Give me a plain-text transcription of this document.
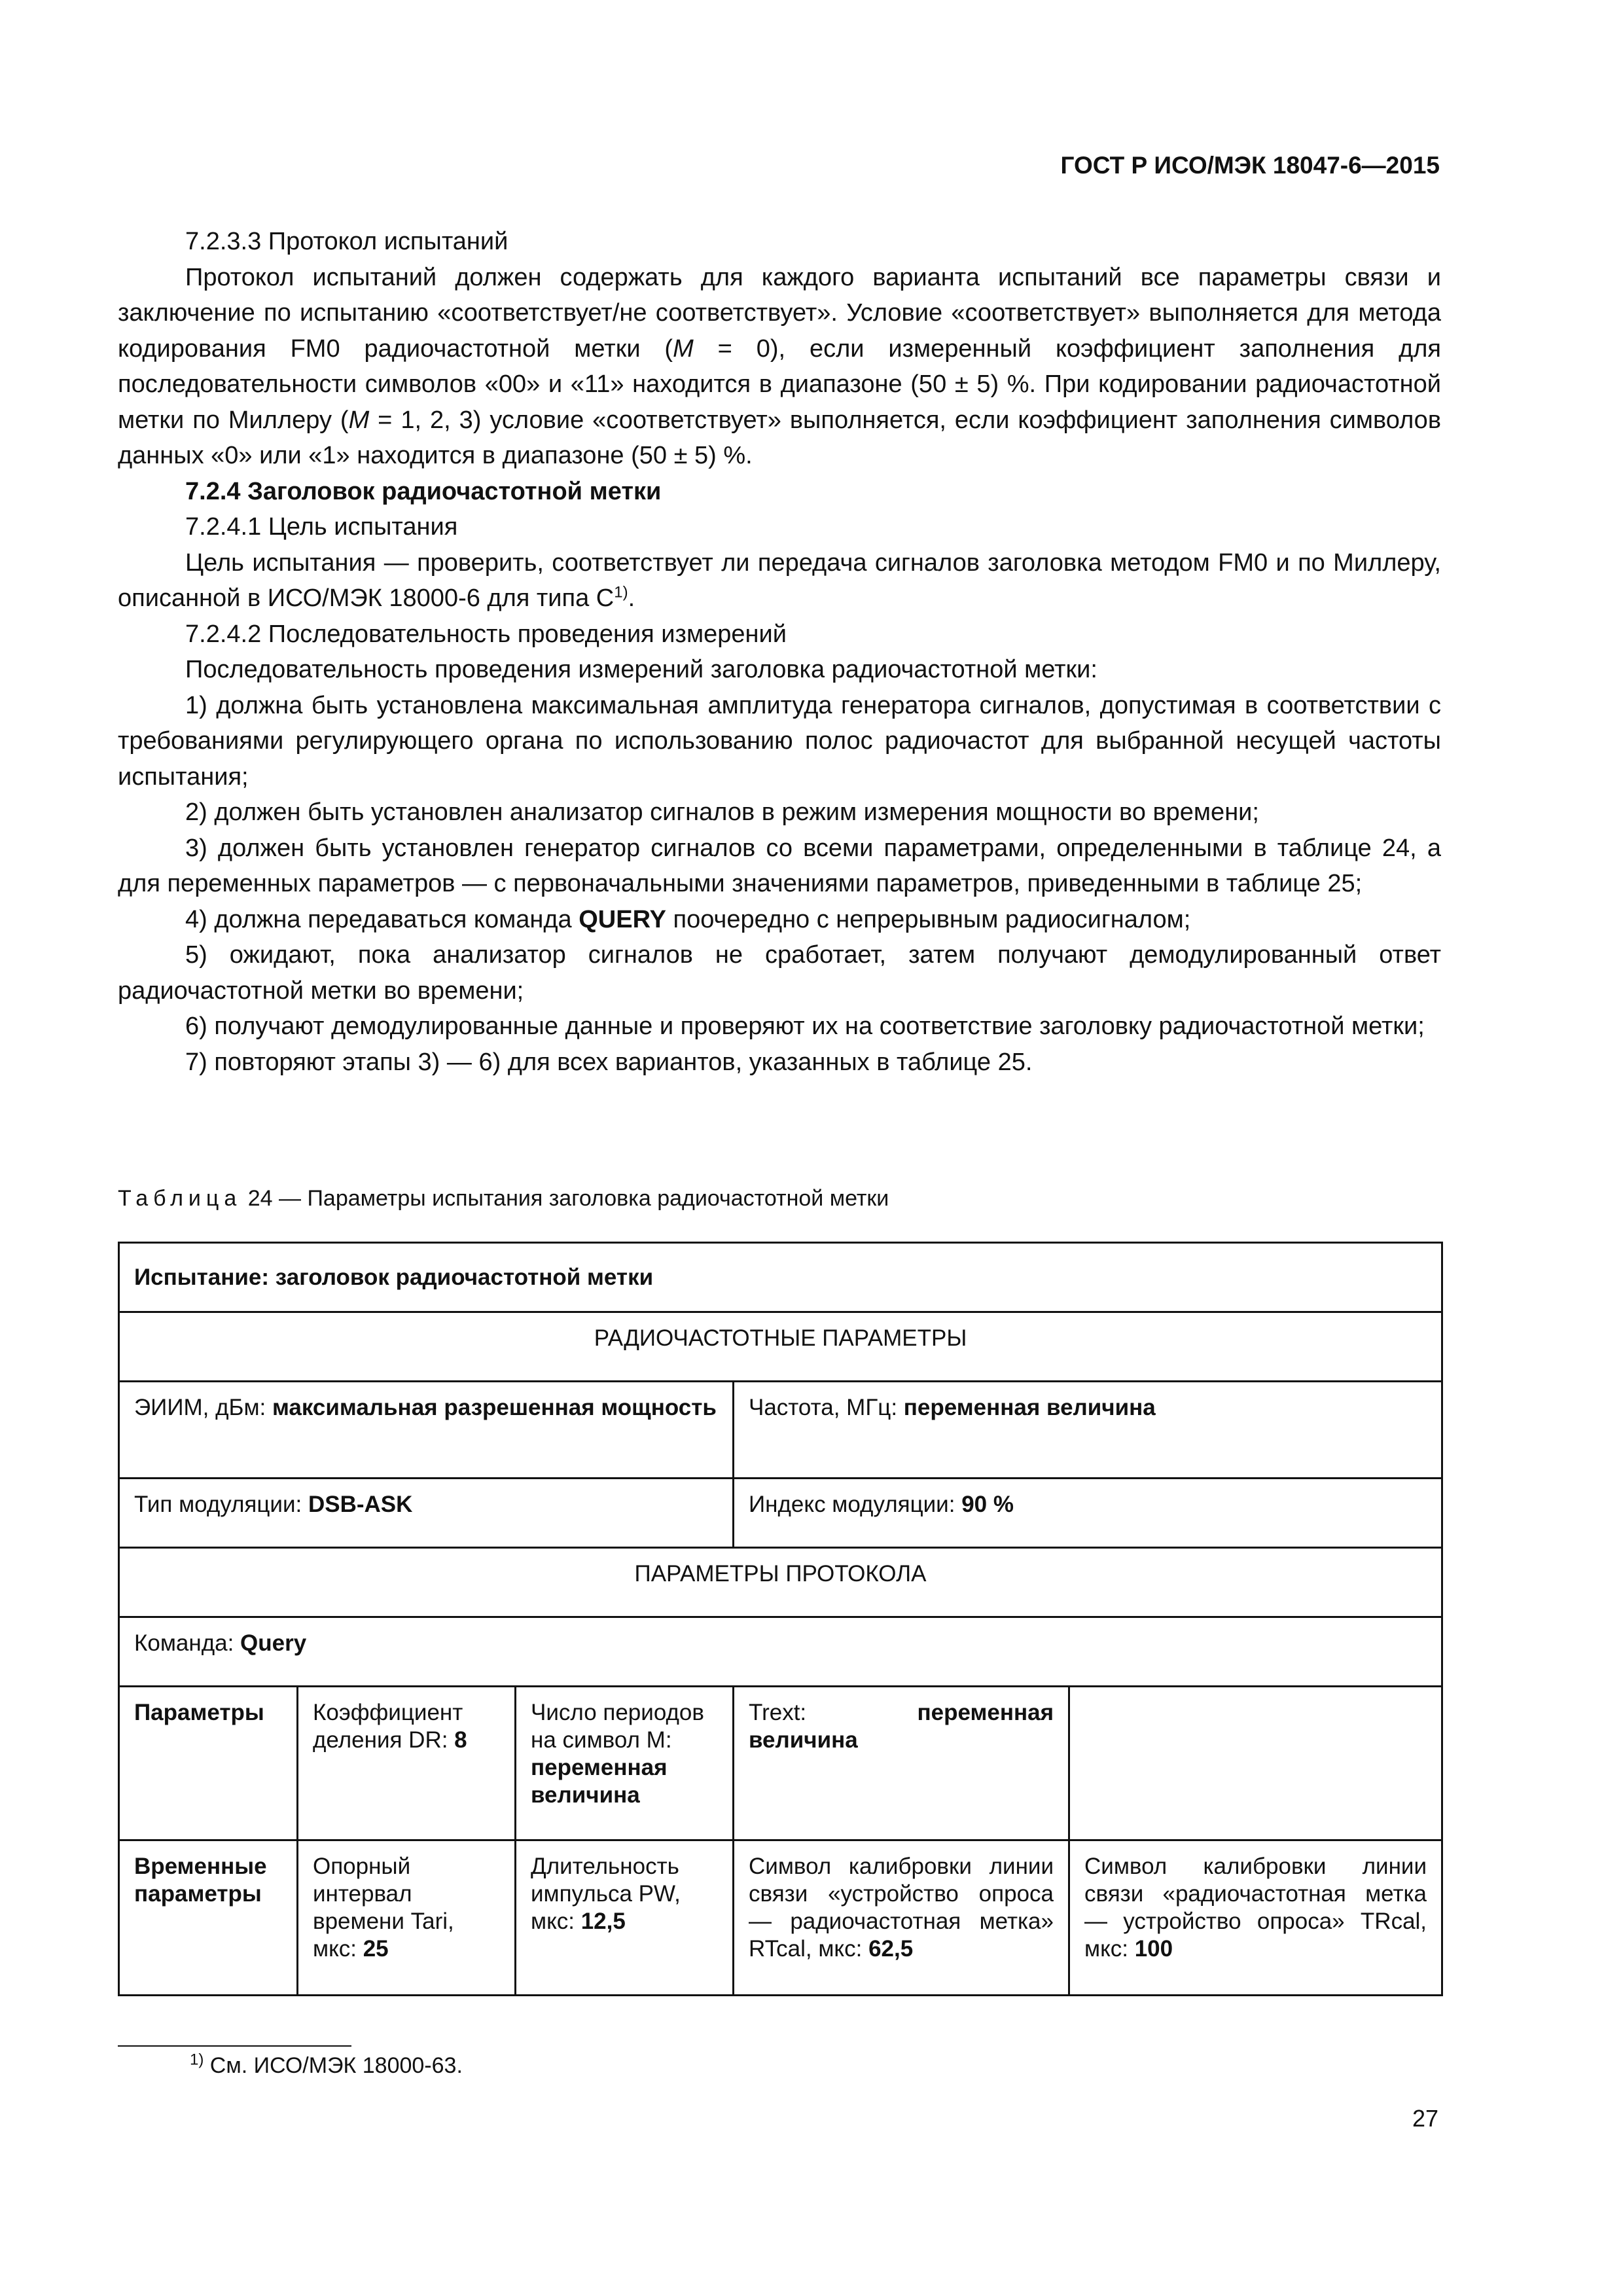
ГОСТ Р ИСО/МЭК 18047-6—2015

7.2.3.3 Протокол испытаний

Протокол испытаний должен содержать для каждого варианта испытаний все параметры связи и заключение по испытанию «соответствует/не соответствует». Условие «соответствует» выполняется для метода кодирования FM0 радиочастотной метки (M = 0), если измеренный коэффициент заполнения для последовательности символов «00» и «11» находится в диапазоне (50 ± 5) %. При кодировании радиочастотной метки по Миллеру (M = 1, 2, 3) условие «соответствует» выполняется, если коэффициент заполнения символов данных «0» или «1» находится в диапазоне (50 ± 5) %.

7.2.4 Заголовок радиочастотной метки

7.2.4.1 Цель испытания

Цель испытания — проверить, соответствует ли передача сигналов заголовка методом FM0 и по Миллеру, описанной в ИСО/МЭК 18000-6 для типа $С^{1)}$.

7.2.4.2 Последовательность проведения измерений

Последовательность проведения измерений заголовка радиочастотной метки:

1) должна быть установлена максимальная амплитуда генератора сигналов, допустимая в соответствии с требованиями регулирующего органа по использованию полос радиочастот для выбранной несущей частоты испытания;

2) должен быть установлен анализатор сигналов в режим измерения мощности во времени;

3) должен быть установлен генератор сигналов со всеми параметрами, определенными в таблице 24, а для переменных параметров — с первоначальными значениями параметров, приведенными в таблице 25;

4) должна передаваться команда QUERY поочередно с непрерывным радиосигналом;

5) ожидают, пока анализатор сигналов не сработает, затем получают демодулированный ответ радиочастотной метки во времени;

6) получают демодулированные данные и проверяют их на соответствие заголовку радиочастотной метки;

7) повторяют этапы 3) — 6) для всех вариантов, указанных в таблице 25.

Таблица 24 — Параметры испытания заголовка радиочастотной метки
Испытание: заголовок радиочастотной метки				
РАДИОЧАСТОТНЫЕ ПАРАМЕТРЫ				
ЭИИМ, дБм: максимальная разрешенная мощность			Частота, МГц: переменная величина	
Тип модуляции: DSB-ASK			Индекс модуляции: 90 %	
ПАРАМЕТРЫ ПРОТОКОЛА				
Команда: Query				
Параметры	Коэффициент деления DR: 8	Число периодов на символ М: переменная величина	Trext: переменная величина	
Временные параметры	Опорный интервал времени Tari, мкс: 25	Длительность импульса PW, мкс: 12,5	Символ калибровки линии связи «устройство опроса — радиочастотная метка» RTcal, мкс: 62,5	Символ калибровки линии связи «радиочастотная метка — устройство опроса» TRcal, мкс: 100
$^{1)}$ См. ИСО/МЭК 18000-63.
27
